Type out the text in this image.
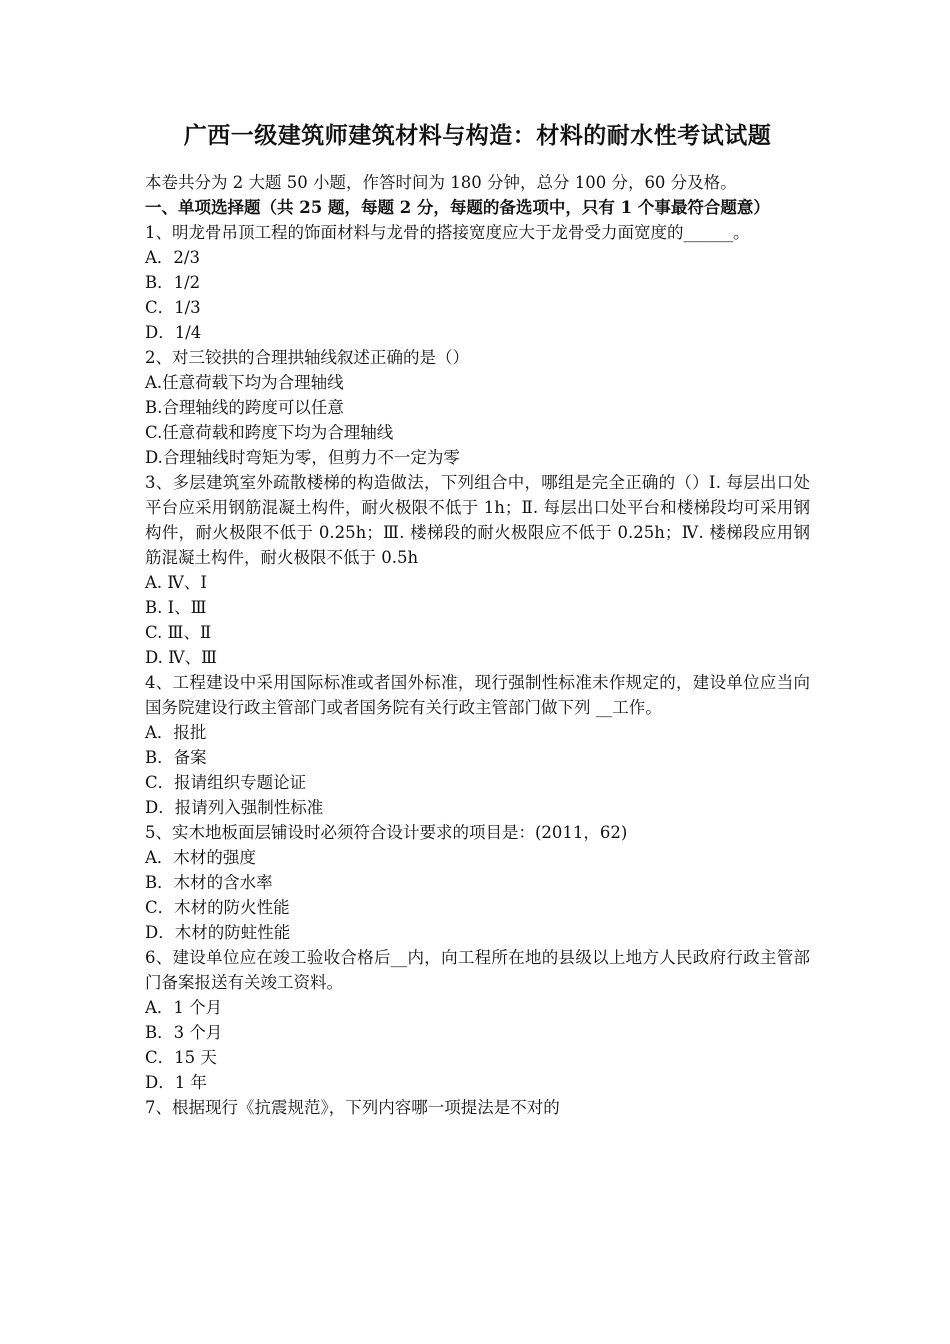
广西一级建筑师建筑材料与构造：材料的耐水性考试试题
本卷共分为 2 大题 50 小题，作答时间为 180 分钟，总分 100 分，60 分及格。
一、单项选择题（共 25 题，每题 2 分，每题的备选项中，只有 1 个事最符合题意）
1、明龙骨吊顶工程的饰面材料与龙骨的搭接宽度应大于龙骨受力面宽度的______。
A．2/3
B．1/2
C．1/3
D．1/4
2、对三铰拱的合理拱轴线叙述正确的是（）
A.任意荷载下均为合理轴线
B.合理轴线的跨度可以任意
C.任意荷载和跨度下均为合理轴线
D.合理轴线时弯矩为零，但剪力不一定为零
3、多层建筑室外疏散楼梯的构造做法，下列组合中，哪组是完全正确的（）Ⅰ. 每层出口处平台应采用钢筋混凝土构件，耐火极限不低于 1h；Ⅱ. 每层出口处平台和楼梯段均可采用钢构件，耐火极限不低于 0.25h；Ⅲ. 楼梯段的耐火极限应不低于 0.25h；Ⅳ. 楼梯段应用钢筋混凝土构件，耐火极限不低于 0.5h
A. Ⅳ、Ⅰ
B. Ⅰ、Ⅲ
C. Ⅲ、Ⅱ
D. Ⅳ、Ⅲ
4、工程建设中采用国际标准或者国外标准，现行强制性标准未作规定的，建设单位应当向国务院建设行政主管部门或者国务院有关行政主管部门做下列 __工作。
A．报批
B．备案
C．报请组织专题论证
D．报请列入强制性标准
5、实木地板面层铺设时必须符合设计要求的项目是：(2011，62)
A．木材的强度
B．木材的含水率
C．木材的防火性能
D．木材的防蛀性能
6、建设单位应在竣工验收合格后__内，向工程所在地的县级以上地方人民政府行政主管部门备案报送有关竣工资料。
A．1 个月
B．3 个月
C．15 天
D．1 年
7、根据现行《抗震规范》，下列内容哪一项提法是不对的
